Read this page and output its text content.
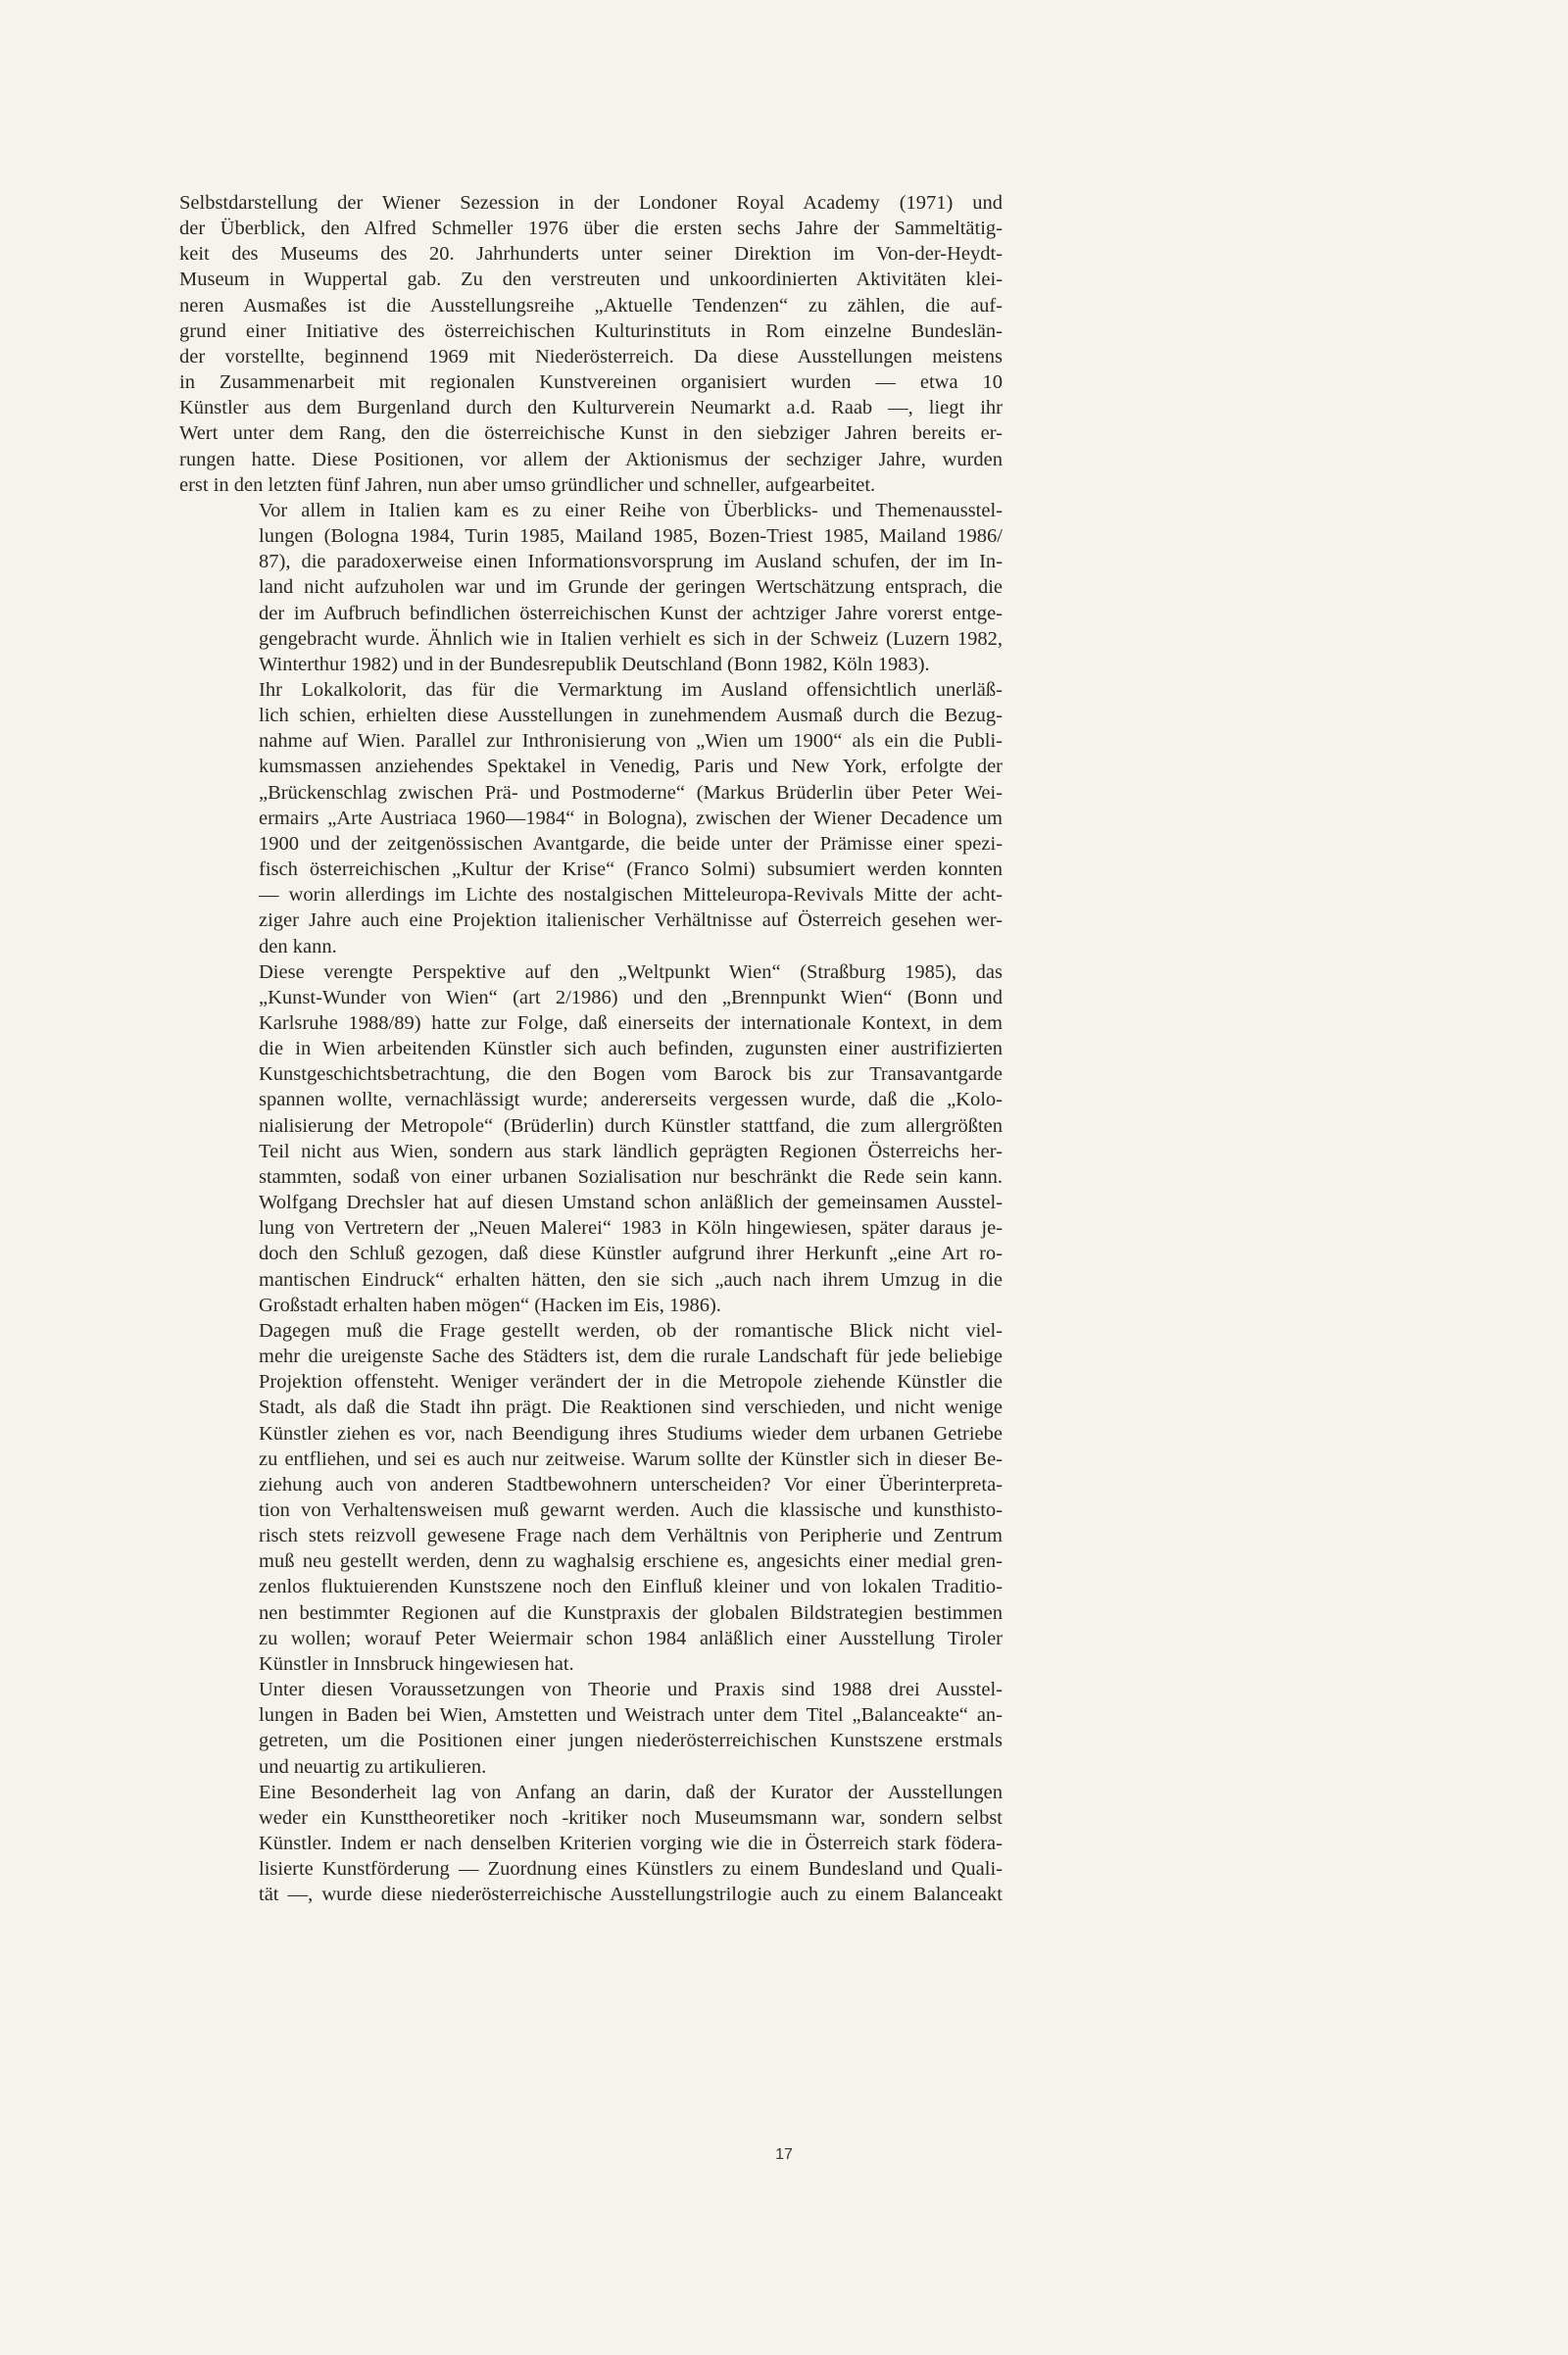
Selbstdarstellung der Wiener Sezession in der Londoner Royal Academy (1971) und
der Überblick, den Alfred Schmeller 1976 über die ersten sechs Jahre der Sammeltätig-
keit des Museums des 20. Jahrhunderts unter seiner Direktion im Von-der-Heydt-
Museum in Wuppertal gab. Zu den verstreuten und unkoordinierten Aktivitäten klei-
neren Ausmaßes ist die Ausstellungsreihe „Aktuelle Tendenzen“ zu zählen, die auf-
grund einer Initiative des österreichischen Kulturinstituts in Rom einzelne Bundeslän-
der vorstellte, beginnend 1969 mit Niederösterreich. Da diese Ausstellungen meistens
in Zusammenarbeit mit regionalen Kunstvereinen organisiert wurden — etwa 10
Künstler aus dem Burgenland durch den Kulturverein Neumarkt a.d. Raab —, liegt ihr
Wert unter dem Rang, den die österreichische Kunst in den siebziger Jahren bereits er-
rungen hatte. Diese Positionen, vor allem der Aktionismus der sechziger Jahre, wurden
erst in den letzten fünf Jahren, nun aber umso gründlicher und schneller, aufgearbeitet.

Vor allem in Italien kam es zu einer Reihe von Überblicks- und Themenausstel-
lungen (Bologna 1984, Turin 1985, Mailand 1985, Bozen-Triest 1985, Mailand 1986/
87), die paradoxerweise einen Informationsvorsprung im Ausland schufen, der im In-
land nicht aufzuholen war und im Grunde der geringen Wertschätzung entsprach, die
der im Aufbruch befindlichen österreichischen Kunst der achtziger Jahre vorerst entge-
gengebracht wurde. Ähnlich wie in Italien verhielt es sich in der Schweiz (Luzern 1982,
Winterthur 1982) und in der Bundesrepublik Deutschland (Bonn 1982, Köln 1983).

Ihr Lokalkolorit, das für die Vermarktung im Ausland offensichtlich unerläß-
lich schien, erhielten diese Ausstellungen in zunehmendem Ausmaß durch die Bezug-
nahme auf Wien. Parallel zur Inthronisierung von „Wien um 1900“ als ein die Publi-
kumsmassen anziehendes Spektakel in Venedig, Paris und New York, erfolgte der
„Brückenschlag zwischen Prä- und Postmoderne“ (Markus Brüderlin über Peter Wei-
ermairs „Arte Austriaca 1960—1984“ in Bologna), zwischen der Wiener Decadence um
1900 und der zeitgenössischen Avantgarde, die beide unter der Prämisse einer spezi-
fisch österreichischen „Kultur der Krise“ (Franco Solmi) subsumiert werden konnten
— worin allerdings im Lichte des nostalgischen Mitteleuropa-Revivals Mitte der acht-
ziger Jahre auch eine Projektion italienischer Verhältnisse auf Österreich gesehen wer-
den kann.

Diese verengte Perspektive auf den „Weltpunkt Wien“ (Straßburg 1985), das
„Kunst-Wunder von Wien“ (art 2/1986) und den „Brennpunkt Wien“ (Bonn und
Karlsruhe 1988/89) hatte zur Folge, daß einerseits der internationale Kontext, in dem
die in Wien arbeitenden Künstler sich auch befinden, zugunsten einer austrifizierten
Kunstgeschichtsbetrachtung, die den Bogen vom Barock bis zur Transavantgarde
spannen wollte, vernachlässigt wurde; andererseits vergessen wurde, daß die „Kolo-
nialisierung der Metropole“ (Brüderlin) durch Künstler stattfand, die zum allergrößten
Teil nicht aus Wien, sondern aus stark ländlich geprägten Regionen Österreichs her-
stammten, sodaß von einer urbanen Sozialisation nur beschränkt die Rede sein kann.
Wolfgang Drechsler hat auf diesen Umstand schon anläßlich der gemeinsamen Ausstel-
lung von Vertretern der „Neuen Malerei“ 1983 in Köln hingewiesen, später daraus je-
doch den Schluß gezogen, daß diese Künstler aufgrund ihrer Herkunft „eine Art ro-
mantischen Eindruck“ erhalten hätten, den sie sich „auch nach ihrem Umzug in die
Großstadt erhalten haben mögen“ (Hacken im Eis, 1986).

Dagegen muß die Frage gestellt werden, ob der romantische Blick nicht viel-
mehr die ureigenste Sache des Städters ist, dem die rurale Landschaft für jede beliebige
Projektion offensteht. Weniger verändert der in die Metropole ziehende Künstler die
Stadt, als daß die Stadt ihn prägt. Die Reaktionen sind verschieden, und nicht wenige
Künstler ziehen es vor, nach Beendigung ihres Studiums wieder dem urbanen Getriebe
zu entfliehen, und sei es auch nur zeitweise. Warum sollte der Künstler sich in dieser Be-
ziehung auch von anderen Stadtbewohnern unterscheiden? Vor einer Überinterpreta-
tion von Verhaltensweisen muß gewarnt werden. Auch die klassische und kunsthisto-
risch stets reizvoll gewesene Frage nach dem Verhältnis von Peripherie und Zentrum
muß neu gestellt werden, denn zu waghalsig erschiene es, angesichts einer medial gren-
zenlos fluktuierenden Kunstszene noch den Einfluß kleiner und von lokalen Traditio-
nen bestimmter Regionen auf die Kunstpraxis der globalen Bildstrategien bestimmen
zu wollen; worauf Peter Weiermair schon 1984 anläßlich einer Ausstellung Tiroler
Künstler in Innsbruck hingewiesen hat.

Unter diesen Voraussetzungen von Theorie und Praxis sind 1988 drei Ausstel-
lungen in Baden bei Wien, Amstetten und Weistrach unter dem Titel „Balanceakte“ an-
getreten, um die Positionen einer jungen niederösterreichischen Kunstszene erstmals
und neuartig zu artikulieren.

Eine Besonderheit lag von Anfang an darin, daß der Kurator der Ausstellungen
weder ein Kunsttheoretiker noch -kritiker noch Museumsmann war, sondern selbst
Künstler. Indem er nach denselben Kriterien vorging wie die in Österreich stark födera-
lisierte Kunstförderung — Zuordnung eines Künstlers zu einem Bundesland und Quali-
tät —, wurde diese niederösterreichische Ausstellungstrilogie auch zu einem Balanceakt

17
